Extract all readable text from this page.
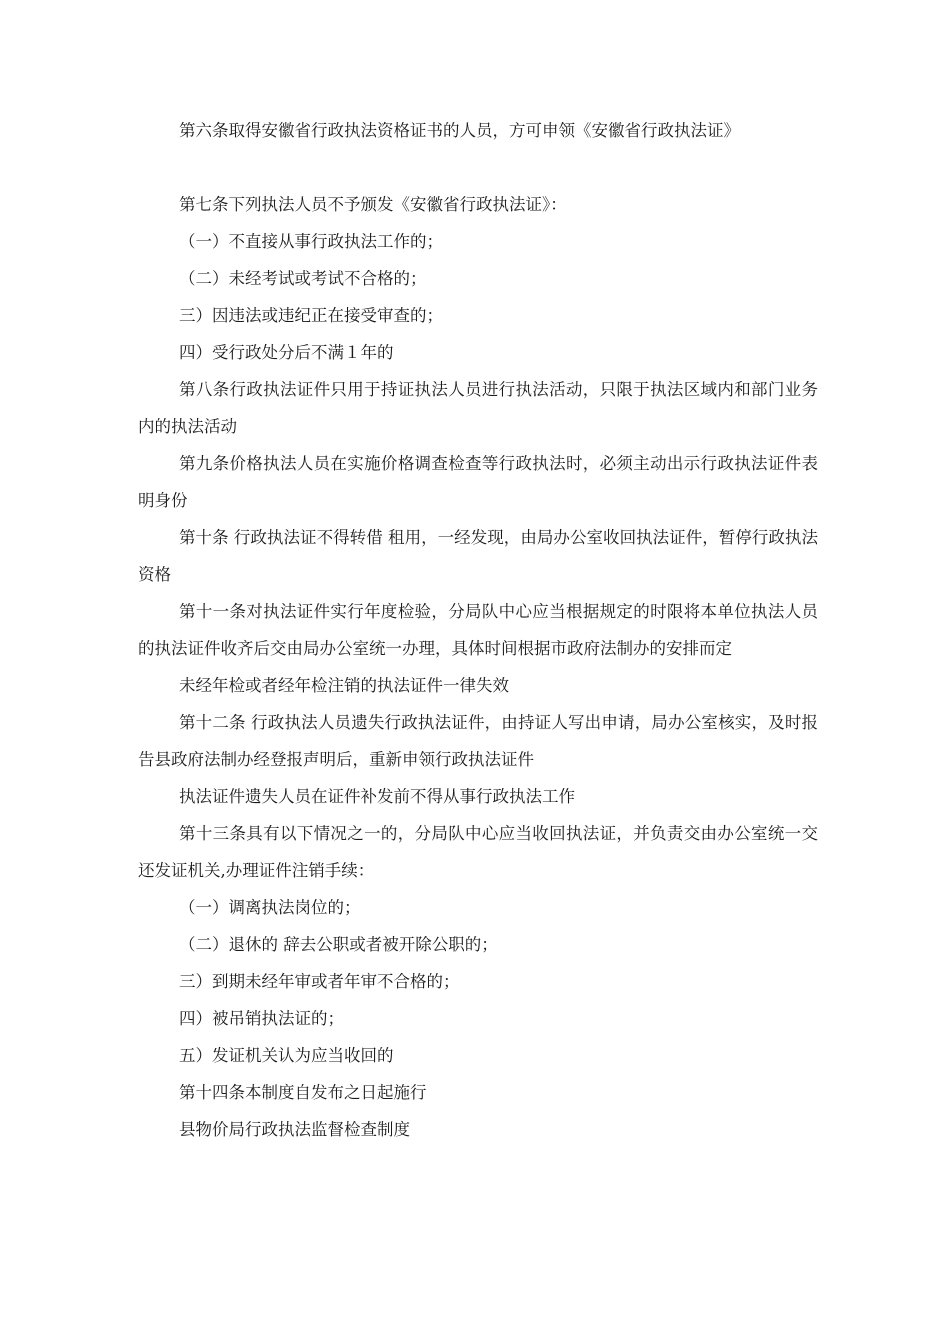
第六条取得安徽省行政执法资格证书的人员，方可申领《安徽省行政执法证》

第七条下列执法人员不予颁发《安徽省行政执法证》：

（一）不直接从事行政执法工作的；

（二）未经考试或考试不合格的；

三）因违法或违纪正在接受审查的；

四）受行政处分后不满１年的

第八条行政执法证件只用于持证执法人员进行执法活动，只限于执法区域内和部门业务内的执法活动

第九条价格执法人员在实施价格调查检查等行政执法时，必须主动出示行政执法证件表明身份

第十条 行政执法证不得转借 租用，一经发现，由局办公室收回执法证件，暂停行政执法资格

第十一条对执法证件实行年度检验，分局队中心应当根据规定的时限将本单位执法人员的执法证件收齐后交由局办公室统一办理，具体时间根据市政府法制办的安排而定

未经年检或者经年检注销的执法证件一律失效

第十二条 行政执法人员遗失行政执法证件，由持证人写出申请，局办公室核实，及时报告县政府法制办经登报声明后，重新申领行政执法证件

执法证件遗失人员在证件补发前不得从事行政执法工作

第十三条具有以下情况之一的，分局队中心应当收回执法证，并负责交由办公室统一交还发证机关,办理证件注销手续：

（一）调离执法岗位的；

（二）退休的 辞去公职或者被开除公职的；

三）到期未经年审或者年审不合格的；

四）被吊销执法证的；

五）发证机关认为应当收回的

第十四条本制度自发布之日起施行

县物价局行政执法监督检查制度
